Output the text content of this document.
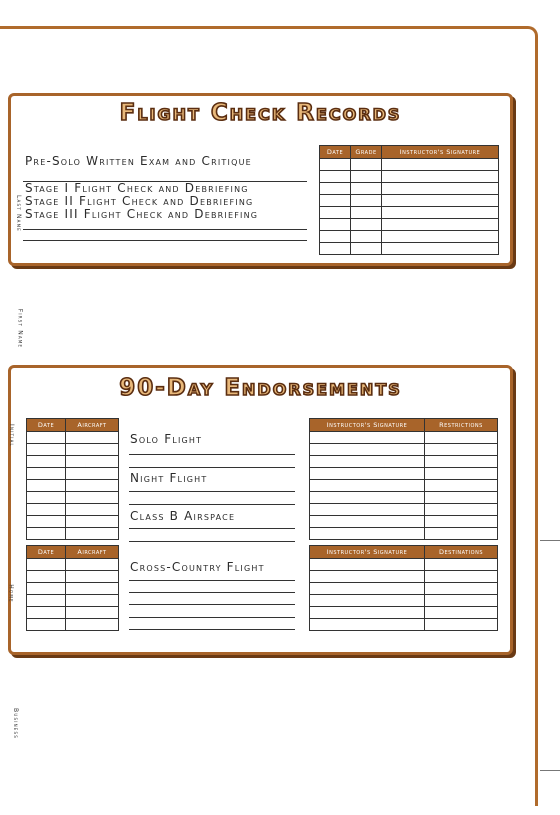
Flight Check Records
Pre-Solo Written Exam and Critique
Stage I Flight Check and Debriefing
Stage II Flight Check and Debriefing
Stage III Flight Check and Debriefing
Date	Grade	Instructor's Signature

90-Day Endorsements
Date	Aircraft

Date	Aircraft

Solo Flight
Night Flight
Class B Airspace
Cross-Country Flight
Instructor's Signature	Restrictions

Instructor's Signature	Destinations

Last Name
First Name
Initial
Home
Business
